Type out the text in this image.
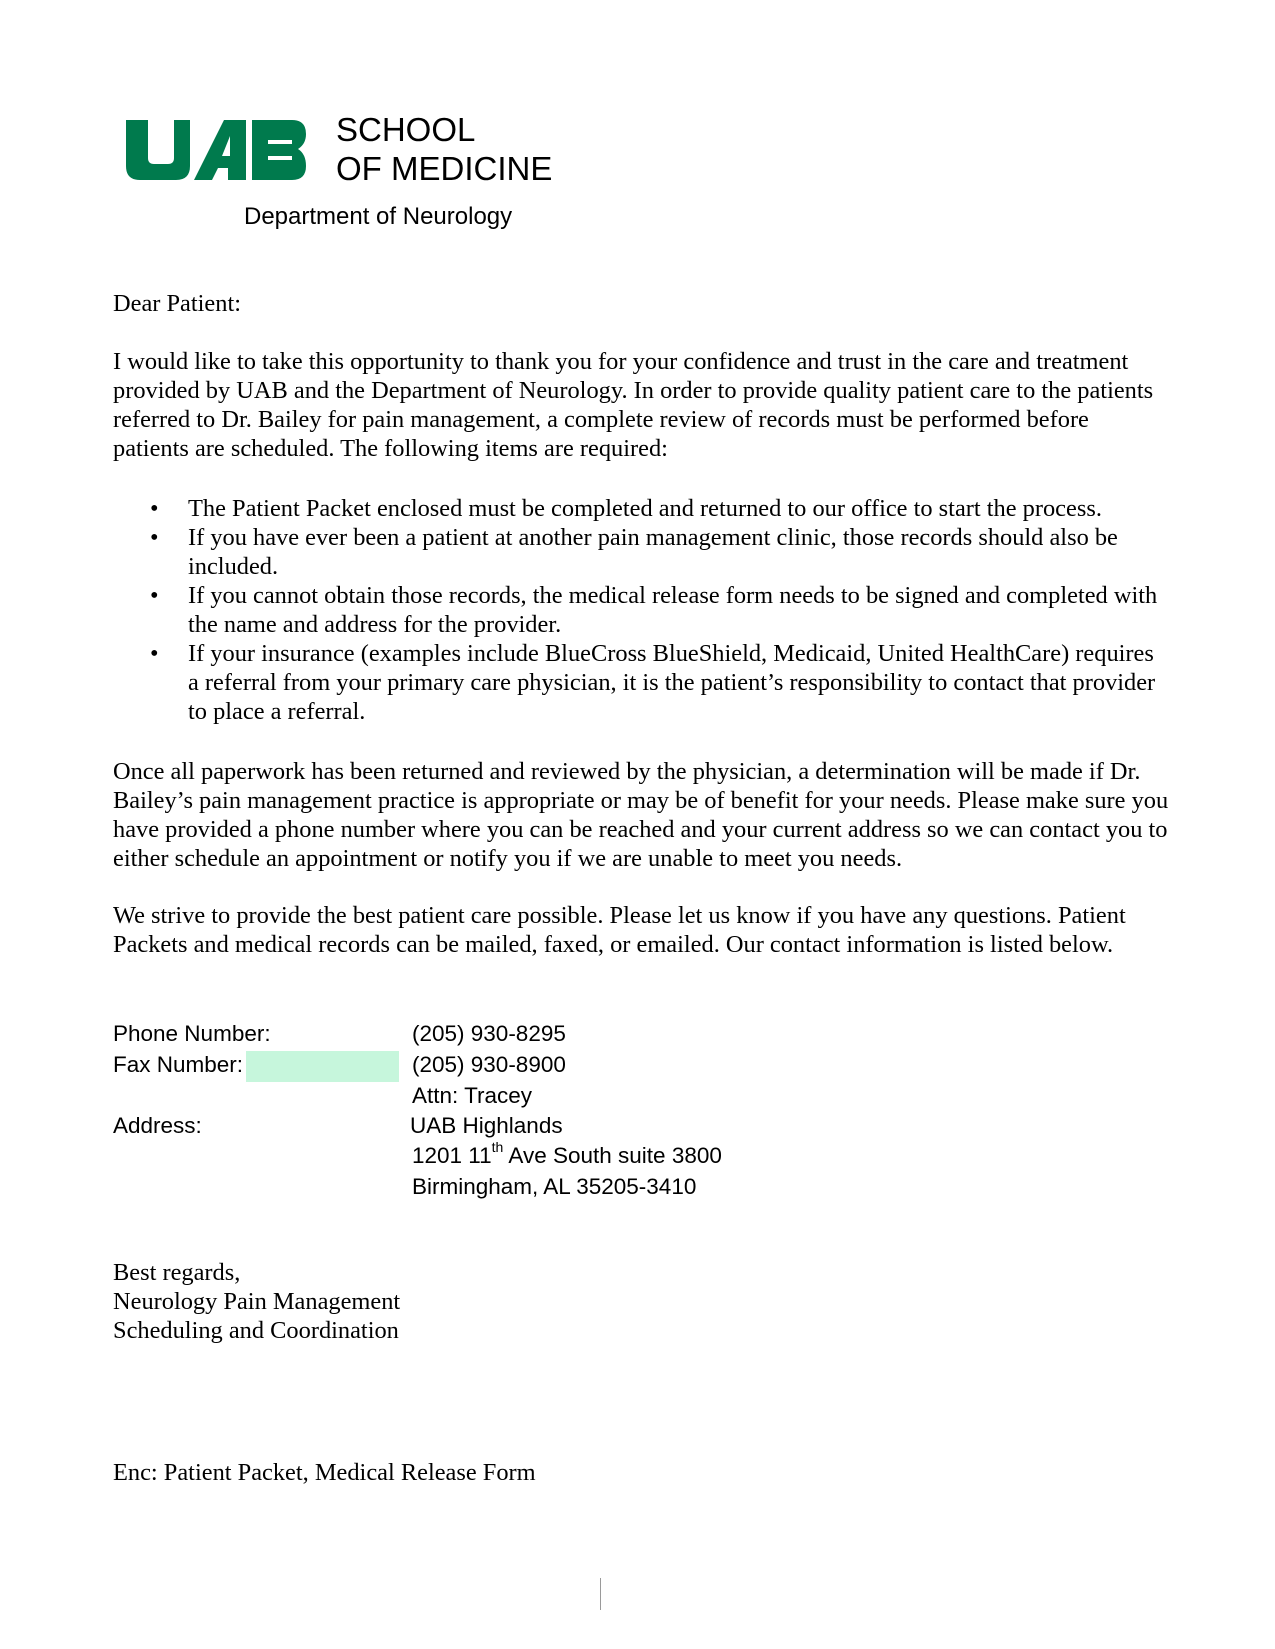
SCHOOL
OF MEDICINE
Department of Neurology
Dear Patient:

I would like to take this opportunity to thank you for your confidence and trust in the care and treatment provided by UAB and the Department of Neurology. In order to provide quality patient care to the patients referred to Dr. Bailey for pain management, a complete review of records must be performed before patients are scheduled. The following items are required:

• The Patient Packet enclosed must be completed and returned to our office to start the process.
• If you have ever been a patient at another pain management clinic, those records should also be included.
• If you cannot obtain those records, the medical release form needs to be signed and completed with the name and address for the provider.
• If your insurance (examples include BlueCross BlueShield, Medicaid, United HealthCare) requires a referral from your primary care physician, it is the patient’s responsibility to contact that provider to place a referral.

Once all paperwork has been returned and reviewed by the physician, a determination will be made if Dr. Bailey’s pain management practice is appropriate or may be of benefit for your needs. Please make sure you have provided a phone number where you can be reached and your current address so we can contact you to either schedule an appointment or notify you if we are unable to meet you needs.

We strive to provide the best patient care possible. Please let us know if you have any questions. Patient Packets and medical records can be mailed, faxed, or emailed. Our contact information is listed below.

Phone Number:	(205) 930-8295
Fax Number:	(205) 930-8900
Attn: Tracey
Address:	UAB Highlands
1201 11th Ave South suite 3800
Birmingham, AL 35205-3410
Best regards,
Neurology Pain Management
Scheduling and Coordination
Enc: Patient Packet, Medical Release Form
